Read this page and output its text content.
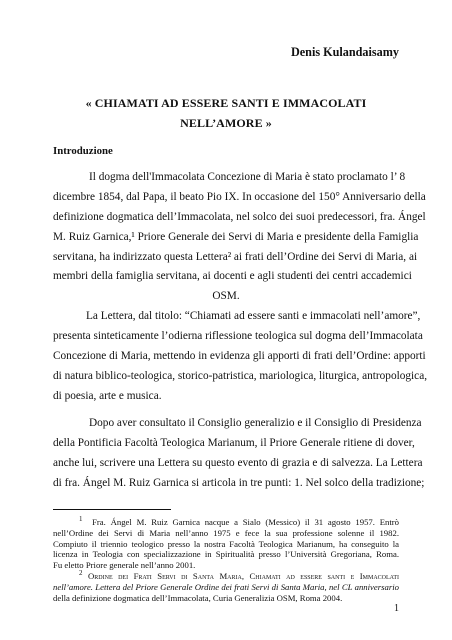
Denis Kulandaisamy
« CHIAMATI AD ESSERE SANTI E IMMACOLATI
NELL’AMORE »
Introduzione
Il dogma dell'Immacolata Concezione di Maria è stato proclamato l’ 8
dicembre 1854, dal Papa, il beato Pio IX. In occasione del 150° Anniversario della
definizione dogmatica dell’Immacolata, nel solco dei suoi predecessori, fra. Ángel
M. Ruiz Garnica,¹ Priore Generale dei Servi di Maria e presidente della Famiglia
servitana, ha indirizzato questa Lettera² ai frati dell’Ordine dei Servi di Maria, ai
membri della famiglia servitana, ai docenti e agli studenti dei centri accademici
OSM.
La Lettera, dal titolo: “Chiamati ad essere santi e immacolati nell’amore”,
presenta sinteticamente l’odierna riflessione teologica sul dogma dell’Immacolata
Concezione di Maria, mettendo in evidenza gli apporti di frati dell’Ordine: apporti
di natura biblico-teologica, storico-patristica, mariologica, liturgica, antropologica,
di poesia, arte e musica.
Dopo aver consultato il Consiglio generalizio e il Consiglio di Presidenza
della Pontificia Facoltà Teologica Marianum, il Priore Generale ritiene di dover,
anche lui, scrivere una Lettera su questo evento di grazia e di salvezza. La Lettera
di fra. Ángel M. Ruiz Garnica si articola in tre punti: 1. Nel solco della tradizione;
$^1$ Fra. Ángel M. Ruiz Garnica nacque a Sialo (Messico) il 31 agosto 1957. Entrò
nell’Ordine dei Servi di Maria nell’anno 1975 e fece la sua professione solenne il 1982.
Compiuto il triennio teologico presso la nostra Facoltà Teologica Marianum, ha conseguito la
licenza in Teologia con specializzazione in Spiritualità presso l’Università Gregoriana, Roma.
Fu eletto Priore generale nell’anno 2001.
$^2$ Ordine dei Frati Servi di Santa Maria, Chiamati ad essere santi e Immacolati
nell’amore. Lettera del Priore Generale Ordine dei frati Servi di Santa Maria, nel CL anniversario
della definizione dogmatica dell’Immacolata, Curia Generalizia OSM, Roma 2004.
1
